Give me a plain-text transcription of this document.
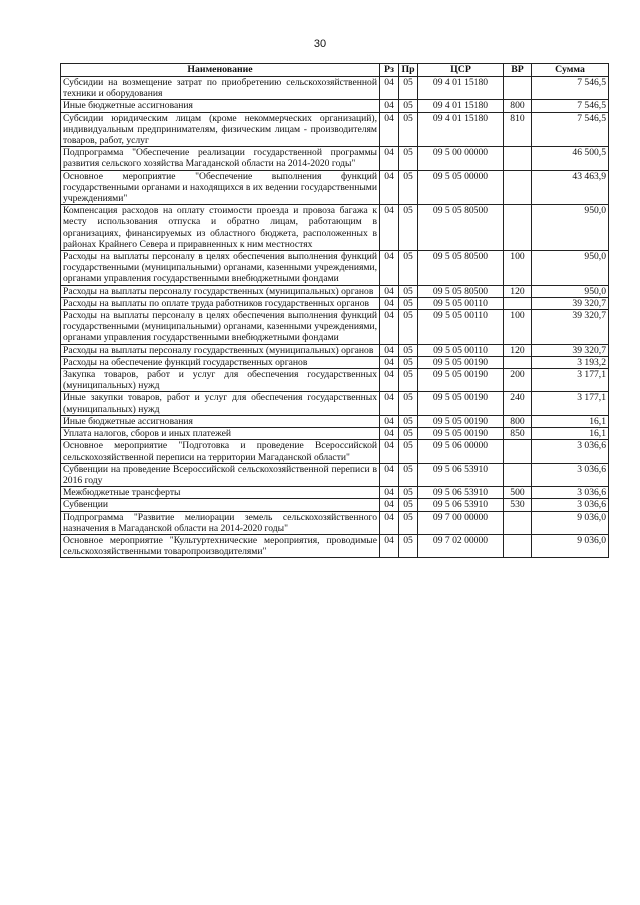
30
Наименование	Рз	Пр	ЦСР	ВР	Сумма
Субсидии на возмещение затрат по приобретению сельскохозяйственной техники и оборудования	04	05	09 4 01 15180		7 546,5
Иные бюджетные ассигнования	04	05	09 4 01 15180	800	7 546,5
Субсидии юридическим лицам (кроме некоммерческих организаций), индивидуальным предпринимателям, физическим лицам - производителям товаров, работ, услуг	04	05	09 4 01 15180	810	7 546,5
Подпрограмма "Обеспечение реализации государственной программы развития сельского хозяйства Магаданской области на 2014-2020 годы"	04	05	09 5 00 00000		46 500,5
Основное мероприятие "Обеспечение выполнения функций государственными органами и находящихся в их ведении государственными учреждениями"	04	05	09 5 05 00000		43 463,9
Компенсация расходов на оплату стоимости проезда и провоза багажа к месту использования отпуска и обратно лицам, работающим в организациях, финансируемых из областного бюджета, расположенных в районах Крайнего Севера и приравненных к ним местностях	04	05	09 5 05 80500		950,0
Расходы на выплаты персоналу в целях обеспечения выполнения функций государственными (муниципальными) органами, казенными учреждениями, органами управления государственными внебюджетными фондами	04	05	09 5 05 80500	100	950,0
Расходы на выплаты персоналу государственных (муниципальных) органов	04	05	09 5 05 80500	120	950,0
Расходы на выплаты по оплате труда работников государственных органов	04	05	09 5 05 00110		39 320,7
Расходы на выплаты персоналу в целях обеспечения выполнения функций государственными (муниципальными) органами, казенными учреждениями, органами управления государственными внебюджетными фондами	04	05	09 5 05 00110	100	39 320,7
Расходы на выплаты персоналу государственных (муниципальных) органов	04	05	09 5 05 00110	120	39 320,7
Расходы на обеспечение функций государственных органов	04	05	09 5 05 00190		3 193,2
Закупка товаров, работ и услуг для обеспечения государственных (муниципальных) нужд	04	05	09 5 05 00190	200	3 177,1
Иные закупки товаров, работ и услуг для обеспечения государственных (муниципальных) нужд	04	05	09 5 05 00190	240	3 177,1
Иные бюджетные ассигнования	04	05	09 5 05 00190	800	16,1
Уплата налогов, сборов и иных платежей	04	05	09 5 05 00190	850	16,1
Основное мероприятие "Подготовка и проведение Всероссийской сельскохозяйственной переписи на территории Магаданской области"	04	05	09 5 06 00000		3 036,6
Субвенции на проведение Всероссийской сельскохозяйственной переписи в 2016 году	04	05	09 5 06 53910		3 036,6
Межбюджетные трансферты	04	05	09 5 06 53910	500	3 036,6
Субвенции	04	05	09 5 06 53910	530	3 036,6
Подпрограмма "Развитие мелиорации земель сельскохозяйственного назначения в Магаданской области на 2014-2020 годы"	04	05	09 7 00 00000		9 036,0
Основное мероприятие "Культуртехнические мероприятия, проводимые сельскохозяйственными товаропроизводителями"	04	05	09 7 02 00000		9 036,0
